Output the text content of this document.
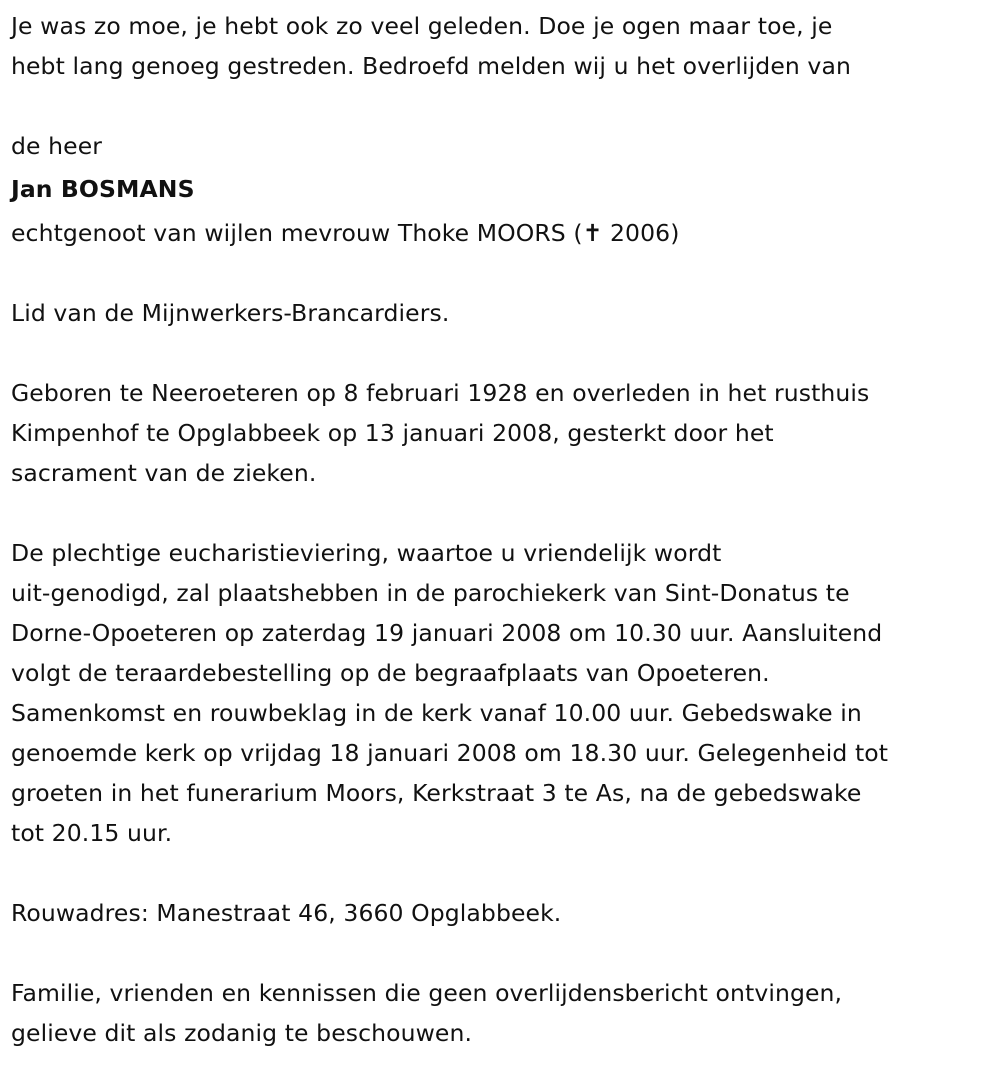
Je was zo moe, je hebt ook zo veel geleden. Doe je ogen maar toe, je
hebt lang genoeg gestreden. Bedroefd melden wij u het overlijden van
de heer
Jan BOSMANS
echtgenoot van wijlen mevrouw Thoke MOORS (✝ 2006)
Lid van de Mijnwerkers-Brancardiers.
Geboren te Neeroeteren op 8 februari 1928 en overleden in het rusthuis
Kimpenhof te Opglabbeek op 13 januari 2008, gesterkt door het
sacrament van de zieken.
De plechtige eucharistieviering, waartoe u vriendelijk wordt
uit-genodigd, zal plaatshebben in de parochiekerk van Sint-Donatus te
Dorne-Opoeteren op zaterdag 19 januari 2008 om 10.30 uur. Aansluitend
volgt de teraardebestelling op de begraafplaats van Opoeteren.
Samenkomst en rouwbeklag in de kerk vanaf 10.00 uur. Gebedswake in
genoemde kerk op vrijdag 18 januari 2008 om 18.30 uur. Gelegenheid tot
groeten in het funerarium Moors, Kerkstraat 3 te As, na de gebedswake
tot 20.15 uur.
Rouwadres: Manestraat 46, 3660 Opglabbeek.
Familie, vrienden en kennissen die geen overlijdensbericht ontvingen,
gelieve dit als zodanig te beschouwen.
